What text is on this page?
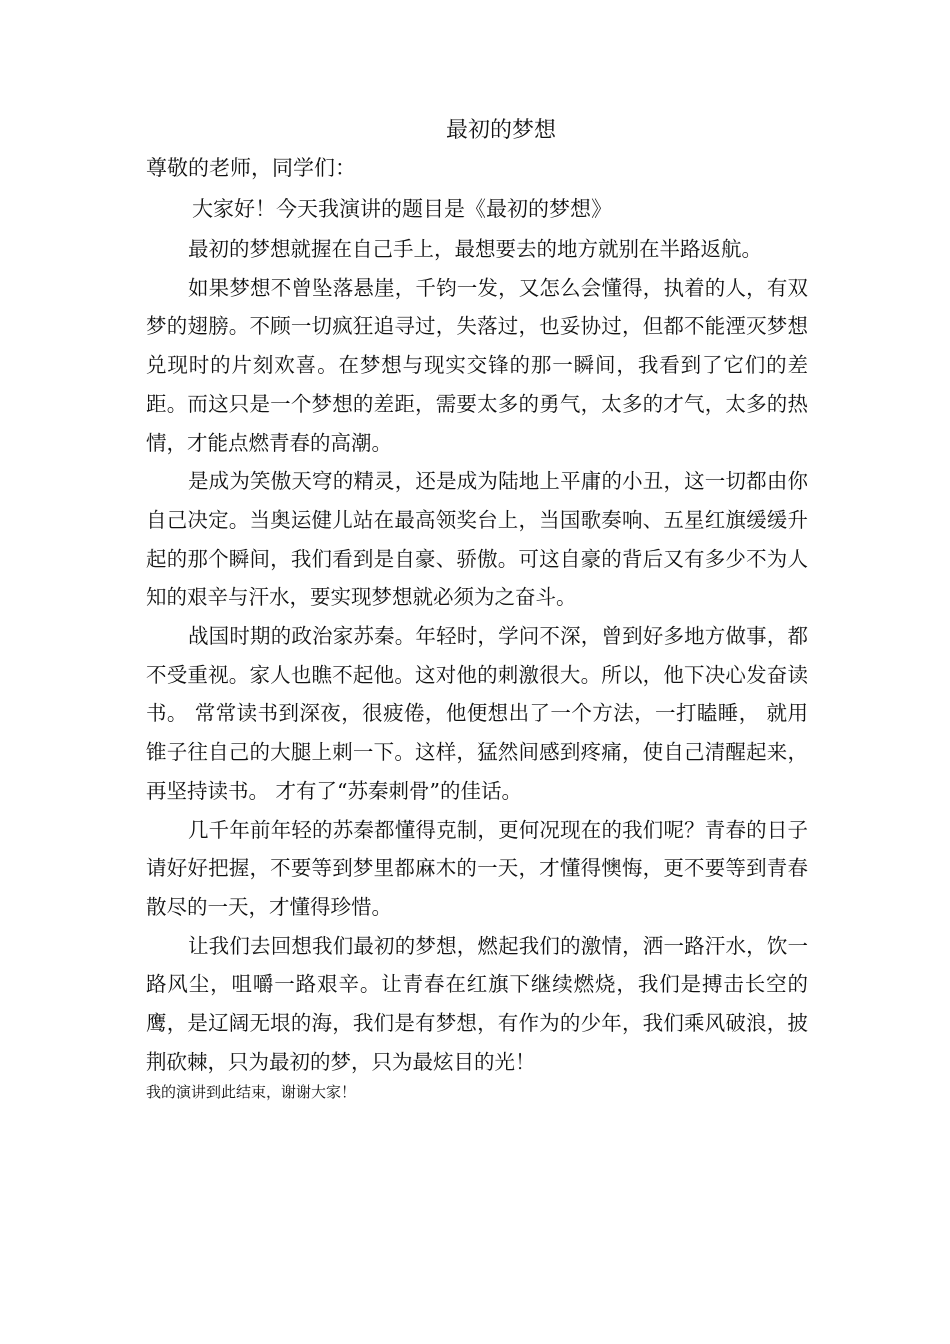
最初的梦想
尊敬的老师，同学们：
大家好！今天我演讲的题目是《最初的梦想》

最初的梦想就握在自己手上，最想要去的地方就别在半路返航。

如果梦想不曾坠落悬崖，千钧一发，又怎么会懂得，执着的人，有双梦的翅膀。不顾一切疯狂追寻过，失落过，也妥协过，但都不能湮灭梦想兑现时的片刻欢喜。在梦想与现实交锋的那一瞬间，我看到了它们的差距。而这只是一个梦想的差距，需要太多的勇气，太多的才气，太多的热情，才能点燃青春的高潮。

是成为笑傲天穹的精灵，还是成为陆地上平庸的小丑，这一切都由你自己决定。当奥运健儿站在最高领奖台上，当国歌奏响、五星红旗缓缓升起的那个瞬间，我们看到是自豪、骄傲。可这自豪的背后又有多少不为人知的艰辛与汗水，要实现梦想就必须为之奋斗。

战国时期的政治家苏秦。年轻时，学问不深，曾到好多地方做事，都不受重视。家人也瞧不起他。这对他的刺激很大。所以，他下决心发奋读书。 常常读书到深夜，很疲倦，他便想出了一个方法，一打瞌睡， 就用锥子往自己的大腿上刺一下。这样，猛然间感到疼痛，使自己清醒起来，再坚持读书。 才有了“苏秦刺骨”的佳话。

几千年前年轻的苏秦都懂得克制，更何况现在的我们呢？青春的日子请好好把握，不要等到梦里都麻木的一天，才懂得懊悔，更不要等到青春散尽的一天，才懂得珍惜。

让我们去回想我们最初的梦想，燃起我们的激情，洒一路汗水，饮一路风尘，咀嚼一路艰辛。让青春在红旗下继续燃烧，我们是搏击长空的鹰，是辽阔无垠的海，我们是有梦想，有作为的少年，我们乘风破浪，披荆砍棘，只为最初的梦，只为最炫目的光！

我的演讲到此结束，谢谢大家！
